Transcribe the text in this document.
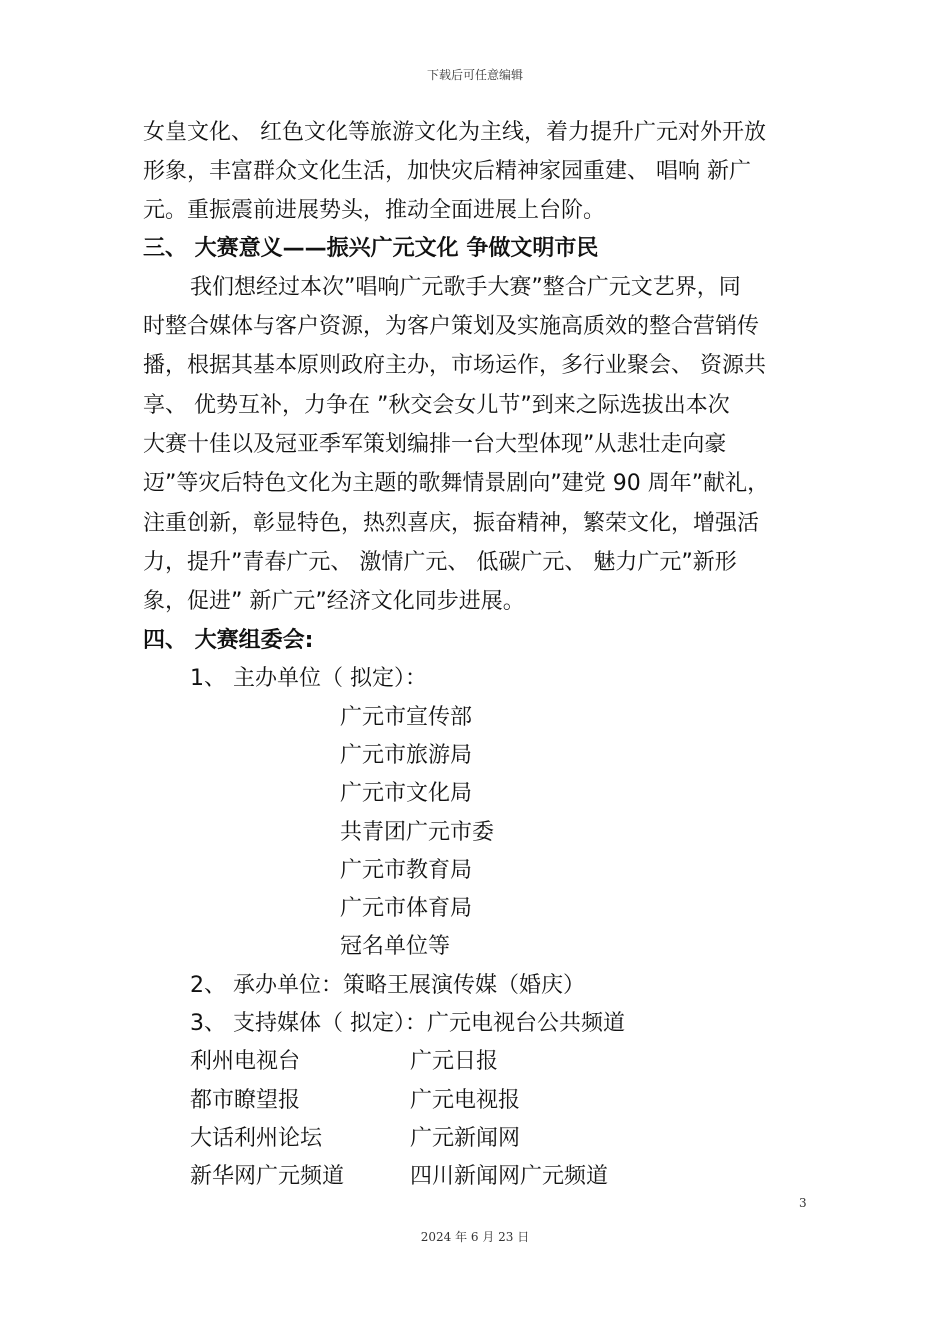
下载后可任意编辑
女皇文化、 红色文化等旅游文化为主线，着力提升广元对外开放
形象，丰富群众文化生活，加快灾后精神家园重建、 唱响 新广
元。重振震前进展势头，推动全面进展上台阶。
三、 大赛意义——振兴广元文化 争做文明市民
我们想经过本次”唱响广元歌手大赛”整合广元文艺界，同
时整合媒体与客户资源，为客户策划及实施高质效的整合营销传
播，根据其基本原则政府主办，市场运作，多行业聚会、 资源共
享、 优势互补，力争在 ”秋交会女儿节”到来之际选拔出本次
大赛十佳以及冠亚季军策划编排一台大型体现”从悲壮走向豪
迈”等灾后特色文化为主题的歌舞情景剧向”建党 90 周年”献礼，
注重创新，彰显特色，热烈喜庆，振奋精神，繁荣文化，增强活
力，提升”青春广元、 激情广元、 低碳广元、 魅力广元”新形
象，促进” 新广元”经济文化同步进展。
四、 大赛组委会:
1、 主办单位（ 拟定）：
广元市宣传部
广元市旅游局
广元市文化局
共青团广元市委
广元市教育局
广元市体育局
冠名单位等
2、 承办单位：策略王展演传媒（婚庆）
3、 支持媒体（ 拟定）：广元电视台公共频道
利州电视台	广元日报
都市瞭望报	广元电视报
大话利州论坛	广元新闻网
新华网广元频道	四川新闻网广元频道
3
2024 年 6 月 23 日
